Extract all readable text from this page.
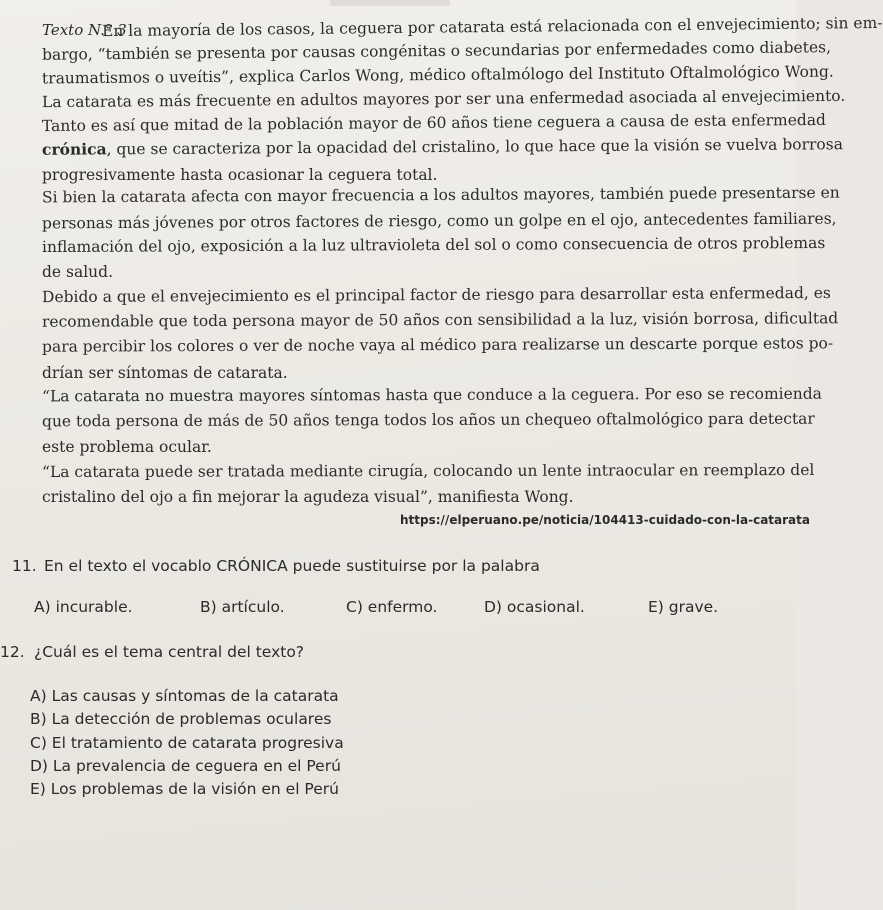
Texto N.° 3
En la mayoría de los casos, la ceguera por catarata está relacionada con el envejecimiento; sin em-
bargo, “también se presenta por causas congénitas o secundarias por enfermedades como diabetes,
traumatismos o uveítis”, explica Carlos Wong, médico oftalmólogo del Instituto Oftalmológico Wong.
La catarata es más frecuente en adultos mayores por ser una enfermedad asociada al envejecimiento.
Tanto es así que mitad de la población mayor de 60 años tiene ceguera a causa de esta enfermedad
crónica, que se caracteriza por la opacidad del cristalino, lo que hace que la visión se vuelva borrosa
progresivamente hasta ocasionar la ceguera total.
Si bien la catarata afecta con mayor frecuencia a los adultos mayores, también puede presentarse en
personas más jóvenes por otros factores de riesgo, como un golpe en el ojo, antecedentes familiares,
inflamación del ojo, exposición a la luz ultravioleta del sol o como consecuencia de otros problemas
de salud.
Debido a que el envejecimiento es el principal factor de riesgo para desarrollar esta enfermedad, es
recomendable que toda persona mayor de 50 años con sensibilidad a la luz, visión borrosa, dificultad
para percibir los colores o ver de noche vaya al médico para realizarse un descarte porque estos po-
drían ser síntomas de catarata.
“La catarata no muestra mayores síntomas hasta que conduce a la ceguera. Por eso se recomienda
que toda persona de más de 50 años tenga todos los años un chequeo oftalmológico para detectar
este problema ocular.
“La catarata puede ser tratada mediante cirugía, colocando un lente intraocular en reemplazo del
cristalino del ojo a fin mejorar la agudeza visual”, manifiesta Wong.
https://elperuano.pe/noticia/104413-cuidado-con-la-catarata
11. En el texto el vocablo CRÓNICA puede sustituirse por la palabra
A) incurable.	B) artículo.	C) enfermo.	D) ocasional.	E) grave.
12. ¿Cuál es el tema central del texto?
A) Las causas y síntomas de la catarata
B) La detección de problemas oculares
C) El tratamiento de catarata progresiva
D) La prevalencia de ceguera en el Perú
E) Los problemas de la visión en el Perú
